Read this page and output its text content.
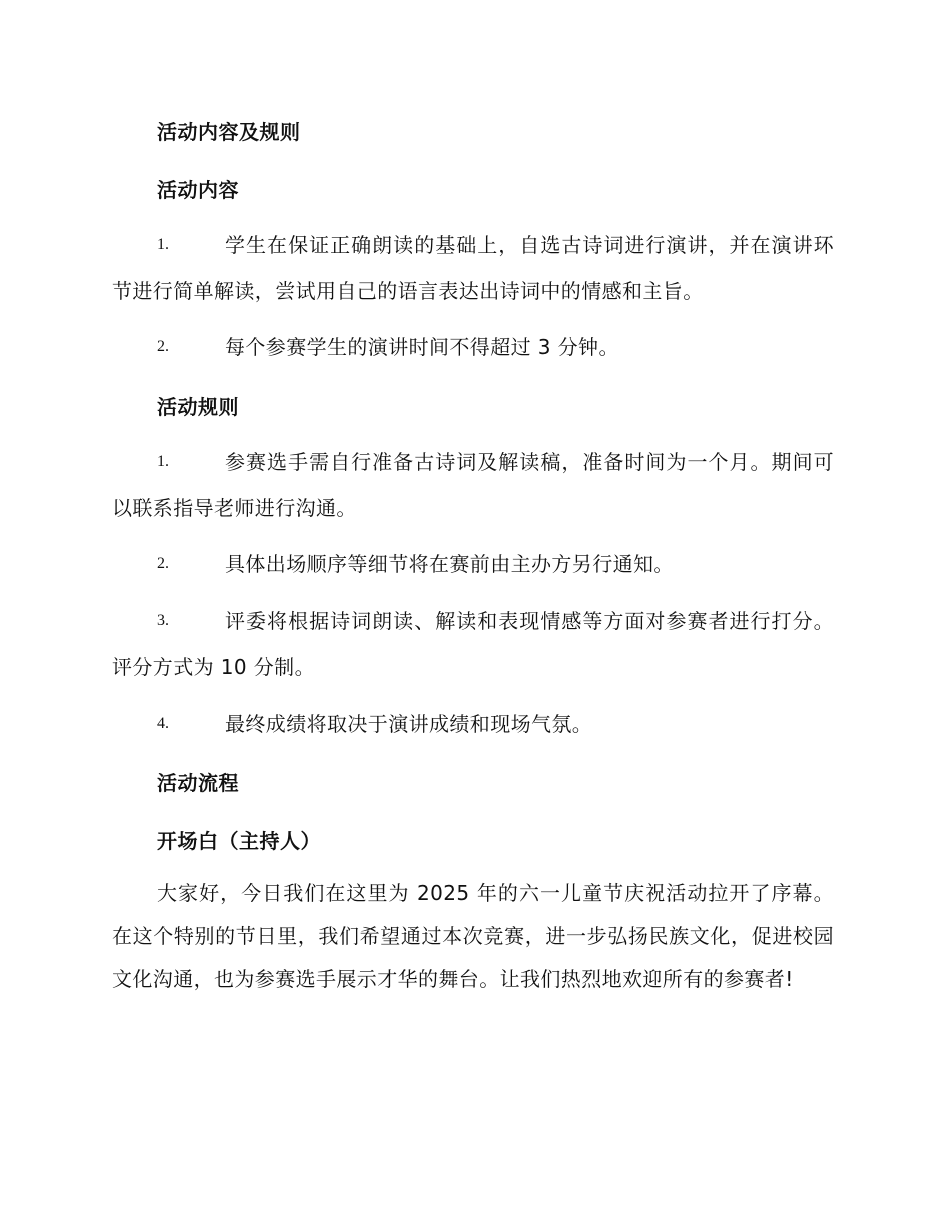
活动内容及规则
活动内容
1.	学生在保证正确朗读的基础上，自选古诗词进行演讲，并在演讲环节进行简单解读，尝试用自己的语言表达出诗词中的情感和主旨。
2.	每个参赛学生的演讲时间不得超过 3 分钟。
活动规则
1.	参赛选手需自行准备古诗词及解读稿，准备时间为一个月。期间可以联系指导老师进行沟通。
2.	具体出场顺序等细节将在赛前由主办方另行通知。
3.	评委将根据诗词朗读、解读和表现情感等方面对参赛者进行打分。评分方式为 10 分制。
4.	最终成绩将取决于演讲成绩和现场气氛。
活动流程
开场白（主持人）
大家好，今日我们在这里为 2025 年的六一儿童节庆祝活动拉开了序幕。在这个特别的节日里，我们希望通过本次竞赛，进一步弘扬民族文化，促进校园文化沟通，也为参赛选手展示才华的舞台。让我们热烈地欢迎所有的参赛者!
